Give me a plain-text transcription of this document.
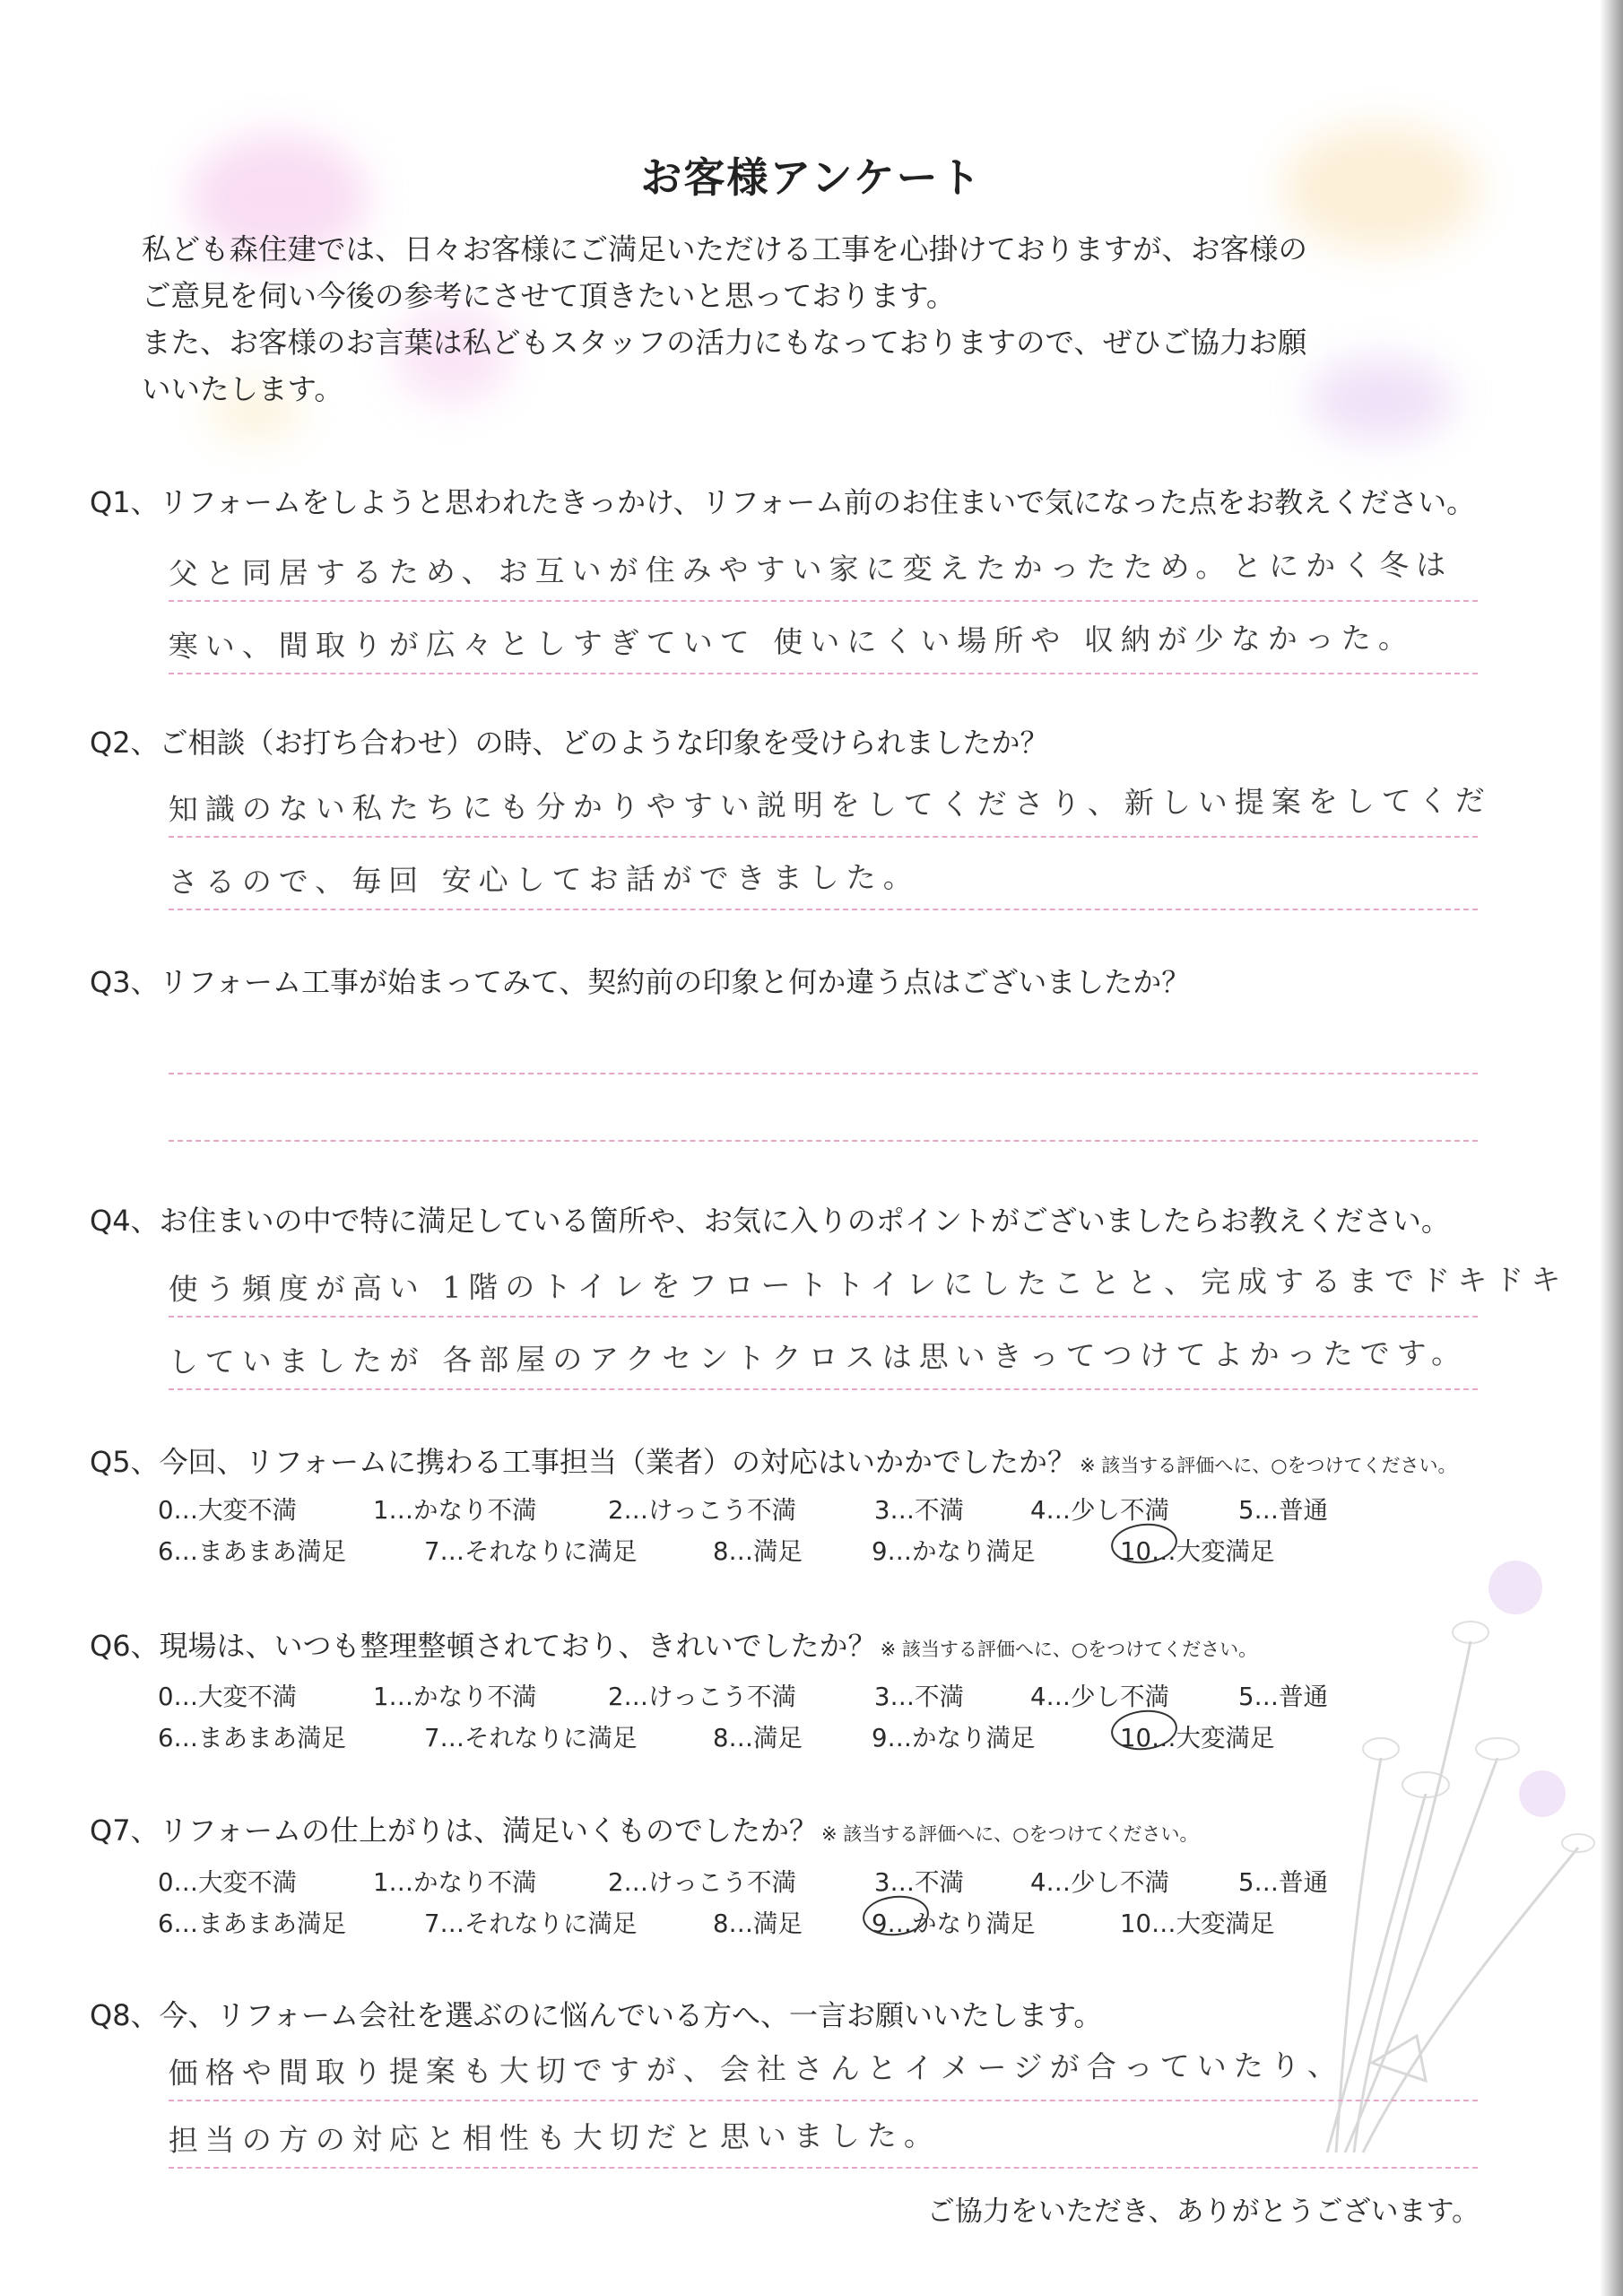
お客様アンケート

私ども森住建では、日々お客様にご満足いただける工事を心掛けておりますが、お客様の

ご意見を伺い今後の参考にさせて頂きたいと思っております。

また、お客様のお言葉は私どもスタッフの活力にもなっておりますので、ぜひご協力お願

いいたします。

Q1、リフォームをしようと思われたきっかけ、リフォーム前のお住まいで気になった点をお教えください。
父と同居するため、お互いが住みやすい家に変えたかったため。とにかく冬は
寒い、間取りが広々としすぎていて 使いにくい場所や 収納が少なかった。
Q2、ご相談（お打ち合わせ）の時、どのような印象を受けられましたか？
知識のない私たちにも分かりやすい説明をしてくださり、新しい提案をしてくだ
さるので、毎回 安心してお話ができました。
Q3、リフォーム工事が始まってみて、契約前の印象と何か違う点はございましたか？
Q4、お住まいの中で特に満足している箇所や、お気に入りのポイントがございましたらお教えください。
使う頻度が高い 1階のトイレをフロートトイレにしたことと、完成するまでドキドキ
していましたが 各部屋のアクセントクロスは思いきってつけてよかったです。
Q5、今回、リフォームに携わる工事担当（業者）の対応はいかかでしたか？ ※ 該当する評価へに、○をつけてください。
0…大変不満	1…かなり不満	2…けっこう不満	3…不満	4…少し不満	5…普通
6…まあまあ満足	7…それなりに満足	8…満足	9…かなり満足	10…大変満足
Q6、現場は、いつも整理整頓されており、きれいでしたか？ ※ 該当する評価へに、○をつけてください。
0…大変不満	1…かなり不満	2…けっこう不満	3…不満	4…少し不満	5…普通
6…まあまあ満足	7…それなりに満足	8…満足	9…かなり満足	10…大変満足
Q7、リフォームの仕上がりは、満足いくものでしたか？ ※ 該当する評価へに、○をつけてください。
0…大変不満	1…かなり不満	2…けっこう不満	3…不満	4…少し不満	5…普通
6…まあまあ満足	7…それなりに満足	8…満足	9…かなり満足	10…大変満足
Q8、今、リフォーム会社を選ぶのに悩んでいる方へ、一言お願いいたします。
価格や間取り提案も大切ですが、会社さんとイメージが合っていたり、
担当の方の対応と相性も大切だと思いました。
ご協力をいただき、ありがとうございます。
